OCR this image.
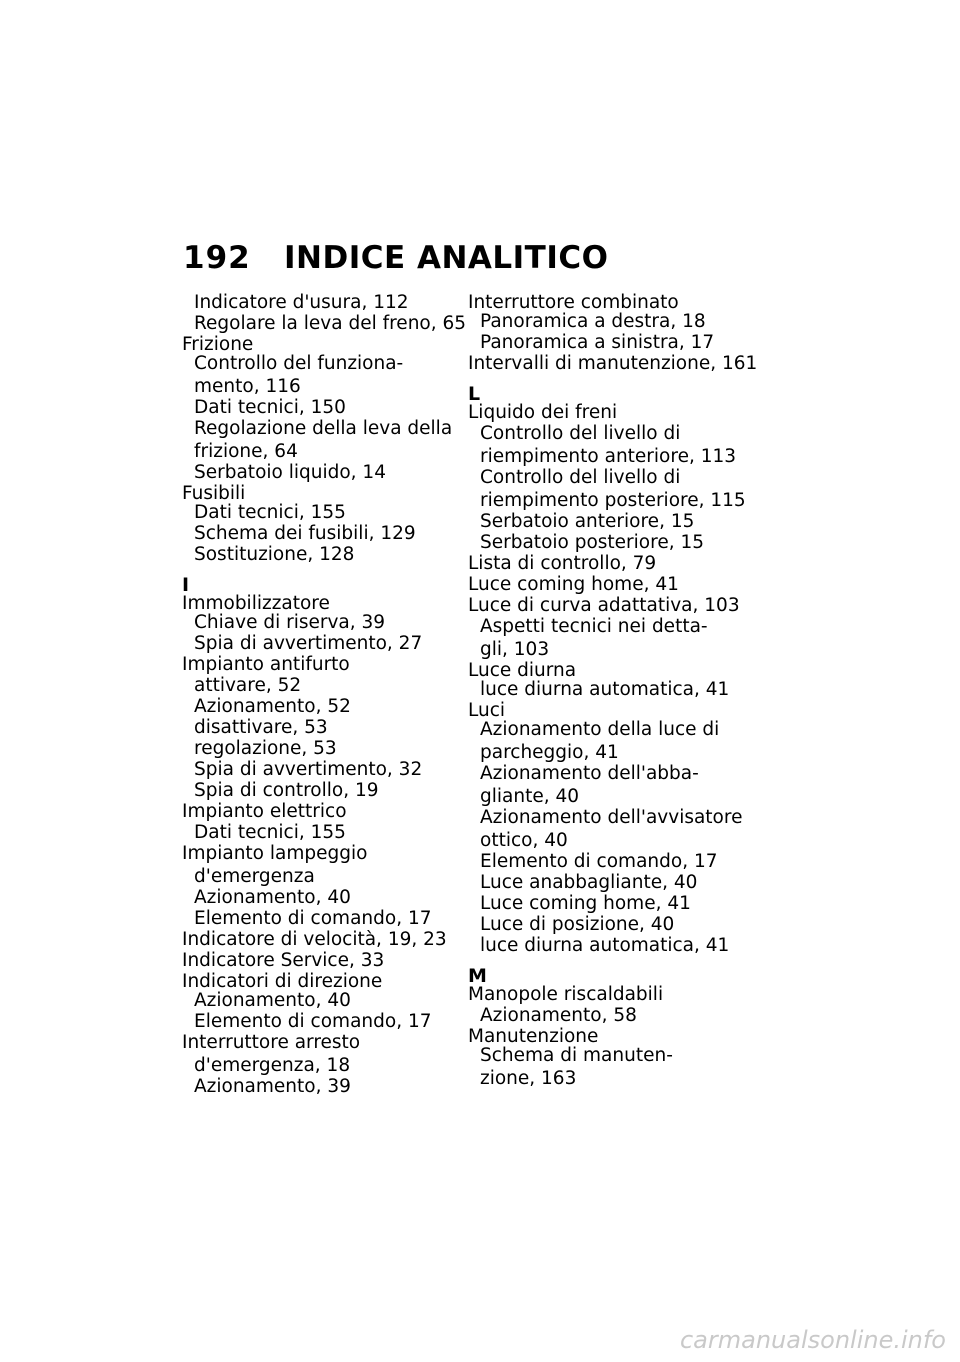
192 INDICE ANALITICO
Indicatore d'usura, 112
Regolare la leva del freno, 65
Frizione
Controllo del funziona-
mento, 116
Dati tecnici, 150
Regolazione della leva della
frizione, 64
Serbatoio liquido, 14
Fusibili
Dati tecnici, 155
Schema dei fusibili, 129
Sostituzione, 128
I
Immobilizzatore
Chiave di riserva, 39
Spia di avvertimento, 27
Impianto antifurto
attivare, 52
Azionamento, 52
disattivare, 53
regolazione, 53
Spia di avvertimento, 32
Spia di controllo, 19
Impianto elettrico
Dati tecnici, 155
Impianto lampeggio
d'emergenza
Azionamento, 40
Elemento di comando, 17
Indicatore di velocità, 19, 23
Indicatore Service, 33
Indicatori di direzione
Azionamento, 40
Elemento di comando, 17
Interruttore arresto
d'emergenza, 18
Azionamento, 39
Interruttore combinato
Panoramica a destra, 18
Panoramica a sinistra, 17
Intervalli di manutenzione, 161
L
Liquido dei freni
Controllo del livello di
riempimento anteriore, 113
Controllo del livello di
riempimento posteriore, 115
Serbatoio anteriore, 15
Serbatoio posteriore, 15
Lista di controllo, 79
Luce coming home, 41
Luce di curva adattativa, 103
Aspetti tecnici nei detta-
gli, 103
Luce diurna
luce diurna automatica, 41
Luci
Azionamento della luce di
parcheggio, 41
Azionamento dell'abba-
gliante, 40
Azionamento dell'avvisatore
ottico, 40
Elemento di comando, 17
Luce anabbagliante, 40
Luce coming home, 41
Luce di posizione, 40
luce diurna automatica, 41
M
Manopole riscaldabili
Azionamento, 58
Manutenzione
Schema di manuten-
zione, 163
carmanualsonline.info
